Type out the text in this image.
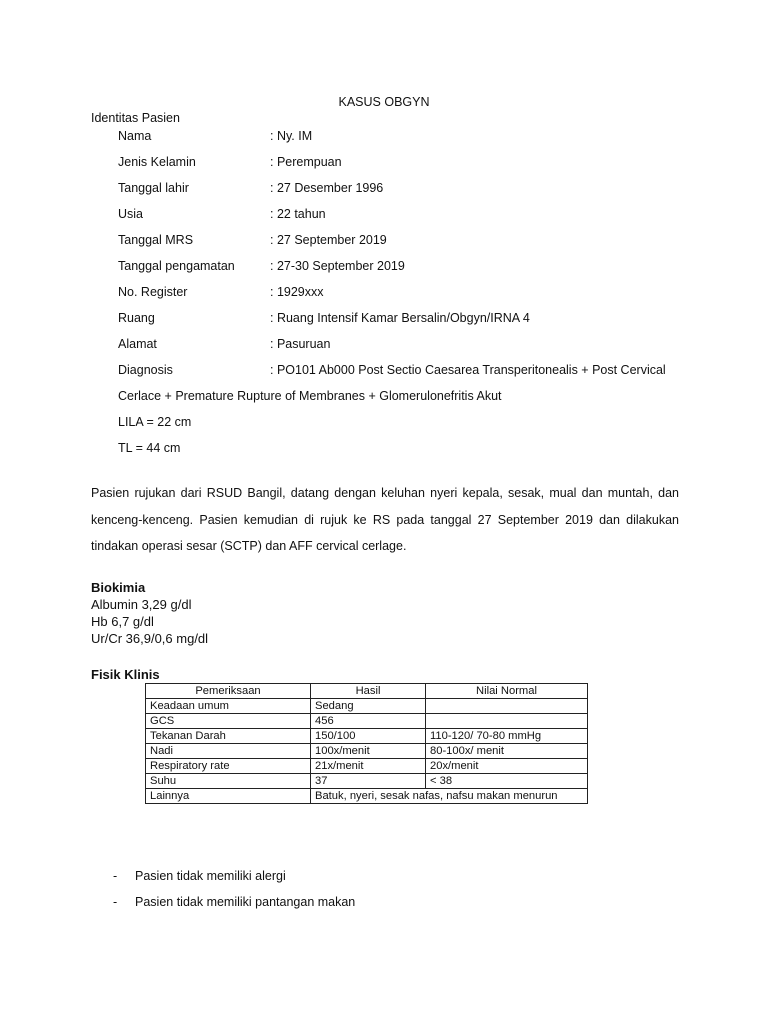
KASUS OBGYN
Identitas Pasien
Nama	: Ny. IM
Jenis Kelamin	: Perempuan
Tanggal lahir	: 27 Desember 1996
Usia	: 22 tahun
Tanggal MRS	: 27 September 2019
Tanggal pengamatan	: 27-30 September 2019
No. Register	: 1929xxx
Ruang	: Ruang Intensif Kamar Bersalin/Obgyn/IRNA 4
Alamat	: Pasuruan
Diagnosis	: PO101 Ab000 Post Sectio Caesarea Transperitonealis + Post Cervical
Cerlace + Premature Rupture of Membranes + Glomerulonefritis Akut
LILA = 22 cm
TL = 44 cm
Pasien rujukan dari RSUD Bangil, datang dengan keluhan nyeri kepala, sesak, mual dan muntah, dan kenceng-kenceng. Pasien kemudian di rujuk ke RS pada tanggal 27 September 2019 dan dilakukan tindakan operasi sesar (SCTP) dan AFF cervical cerlage.
Biokimia
Albumin 3,29 g/dl
Hb 6,7 g/dl
Ur/Cr 36,9/0,6 mg/dl
Fisik Klinis
Pemeriksaan	Hasil	Nilai Normal
Keadaan umum	Sedang	
GCS	456	
Tekanan Darah	150/100	110-120/ 70-80 mmHg
Nadi	100x/menit	80-100x/ menit
Respiratory rate	21x/menit	20x/menit
Suhu	37	< 38
Lainnya	Batuk, nyeri, sesak nafas, nafsu makan menurun	
- Pasien tidak memiliki alergi
- Pasien tidak memiliki pantangan makan
